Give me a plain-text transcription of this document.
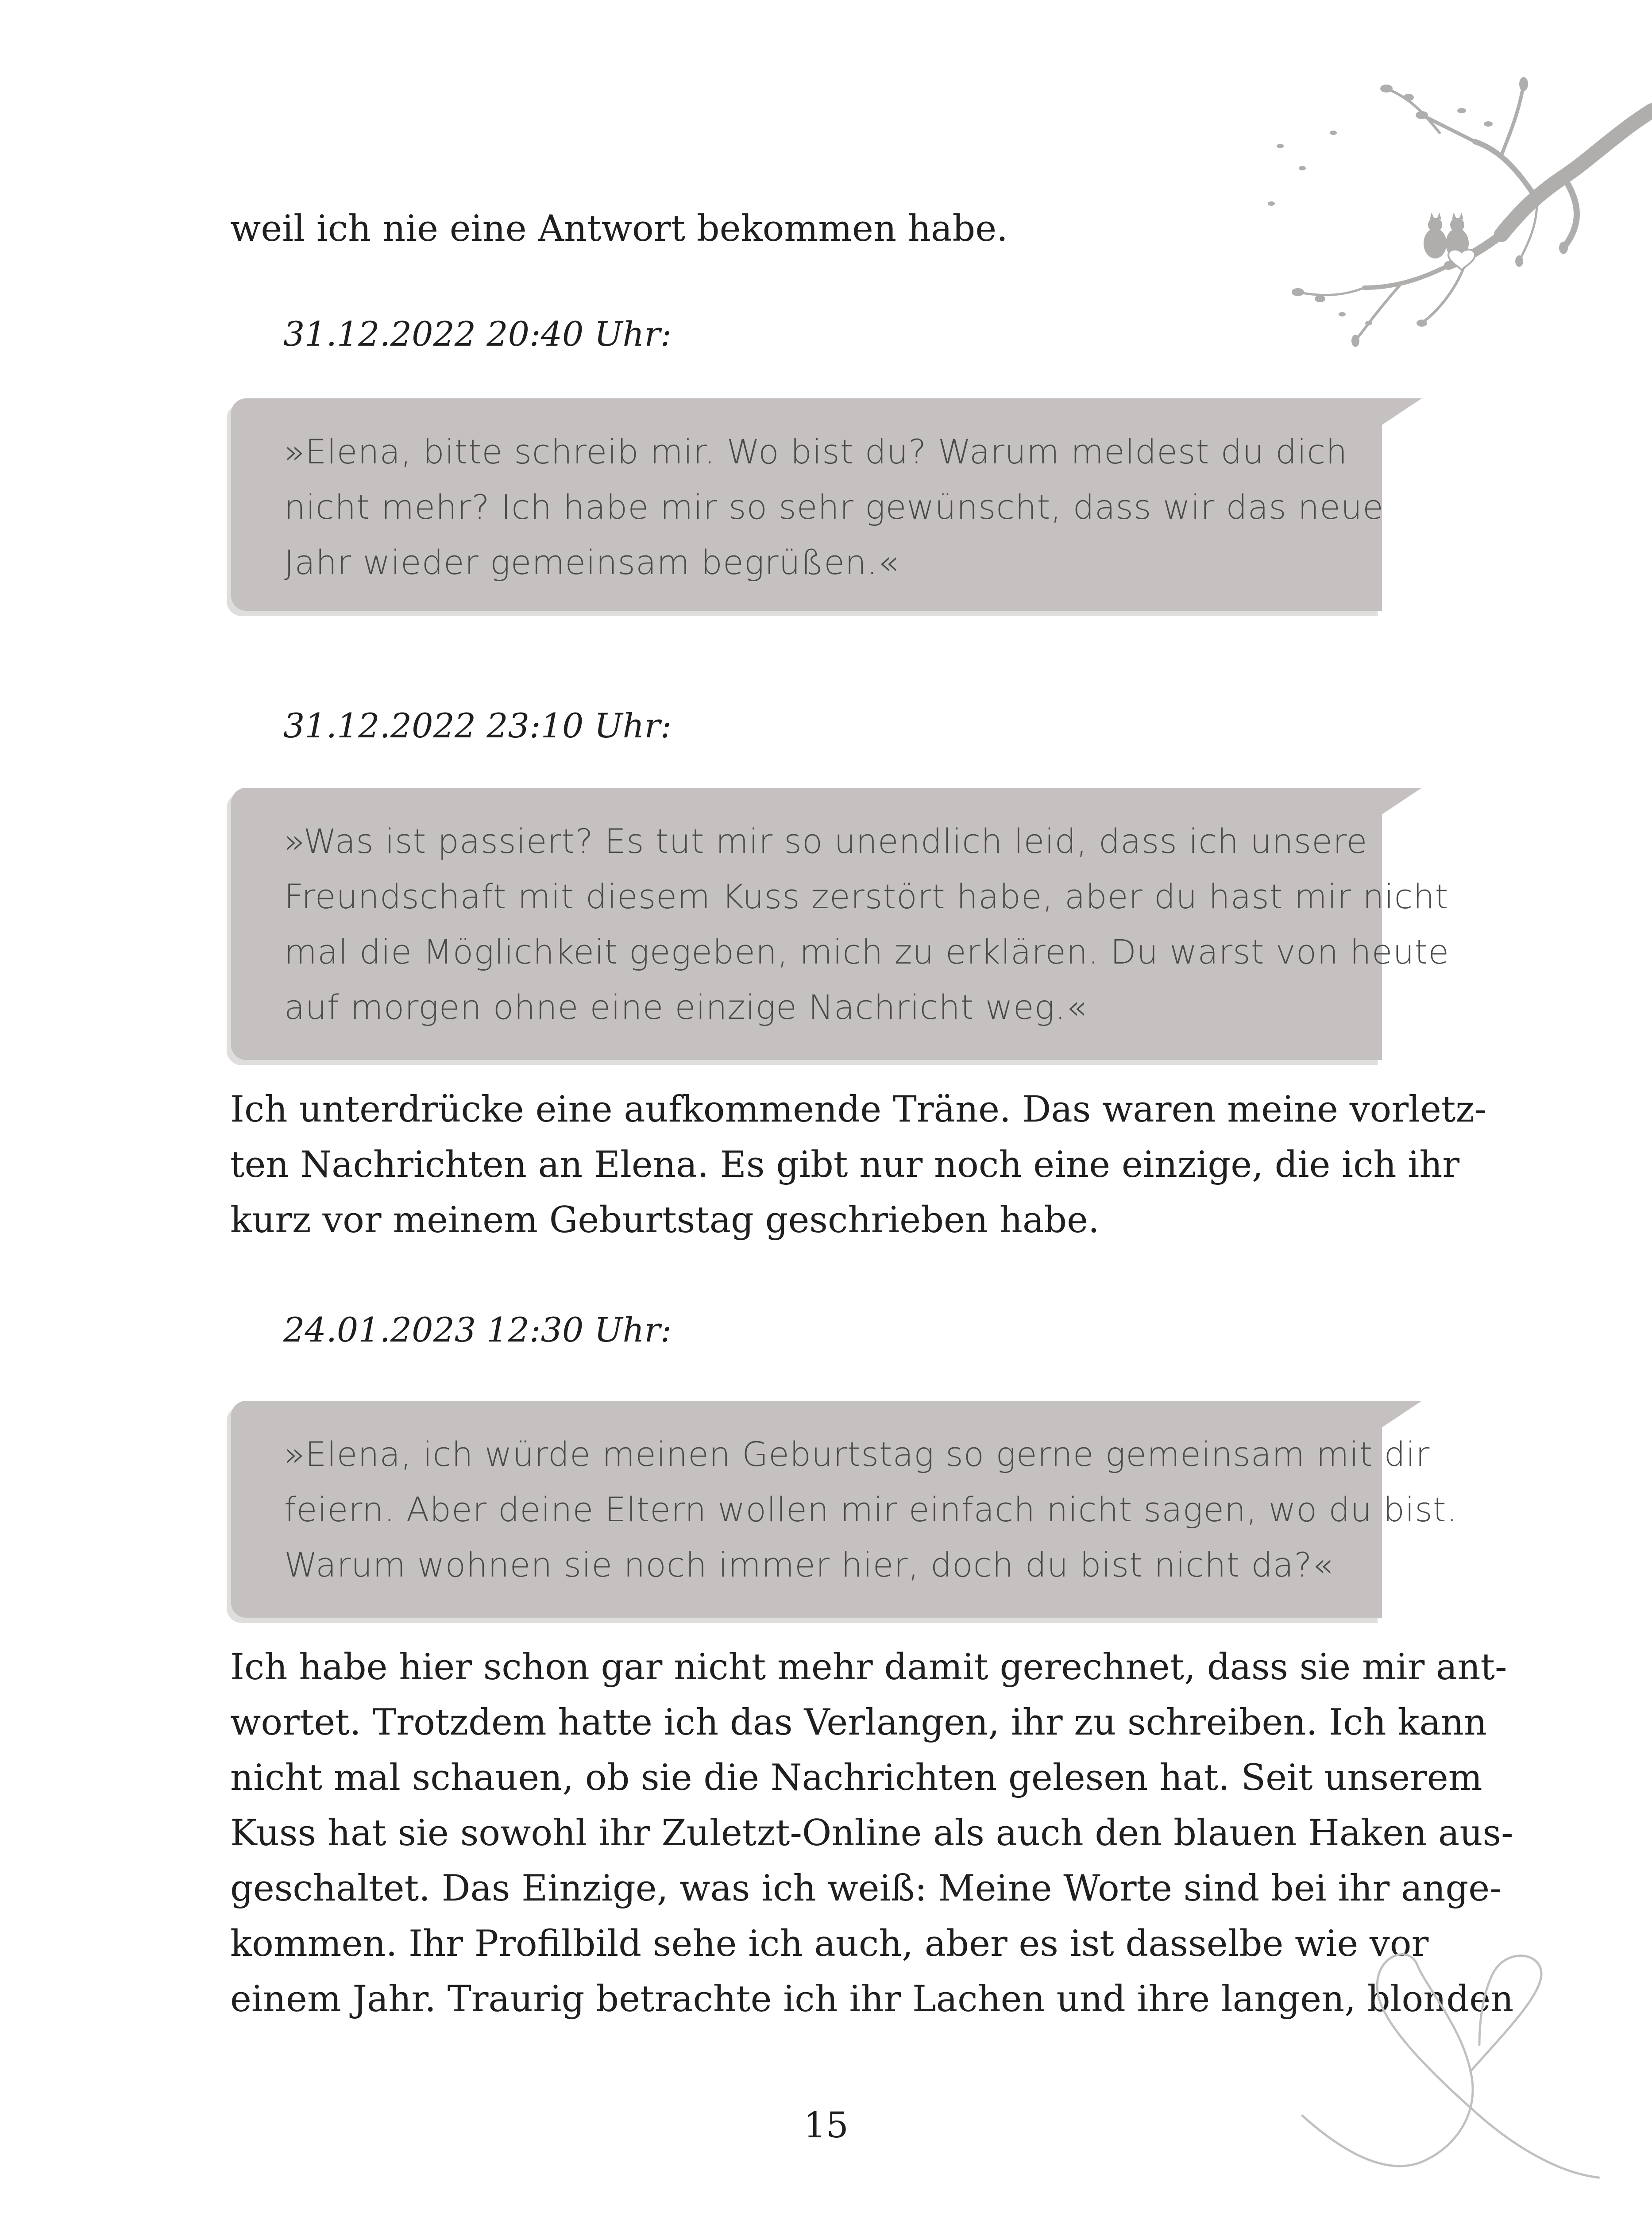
weil ich nie eine Antwort bekommen habe.

31.12.2022 20:40 Uhr:

»Elena, bitte schreib mir. Wo bist du? Warum meldest du dich
nicht mehr? Ich habe mir so sehr gewünscht, dass wir das neue
Jahr wieder gemeinsam begrüßen.«

31.12.2022 23:10 Uhr:

»Was ist passiert? Es tut mir so unendlich leid, dass ich unsere
Freundschaft mit diesem Kuss zerstört habe, aber du hast mir nicht
mal die Möglichkeit gegeben, mich zu erklären. Du warst von heute
auf morgen ohne eine einzige Nachricht weg.«

Ich unterdrücke eine aufkommende Träne. Das waren meine vorletz-
ten Nachrichten an Elena. Es gibt nur noch eine einzige, die ich ihr
kurz vor meinem Geburtstag geschrieben habe.

24.01.2023 12:30 Uhr:

»Elena, ich würde meinen Geburtstag so gerne gemeinsam mit dir
feiern. Aber deine Eltern wollen mir einfach nicht sagen, wo du bist.
Warum wohnen sie noch immer hier, doch du bist nicht da?«

Ich habe hier schon gar nicht mehr damit gerechnet, dass sie mir ant-
wortet. Trotzdem hatte ich das Verlangen, ihr zu schreiben. Ich kann
nicht mal schauen, ob sie die Nachrichten gelesen hat. Seit unserem
Kuss hat sie sowohl ihr Zuletzt-Online als auch den blauen Haken aus-
geschaltet. Das Einzige, was ich weiß: Meine Worte sind bei ihr ange-
kommen. Ihr Profilbild sehe ich auch, aber es ist dasselbe wie vor
einem Jahr. Traurig betrachte ich ihr Lachen und ihre langen, blonden

15
